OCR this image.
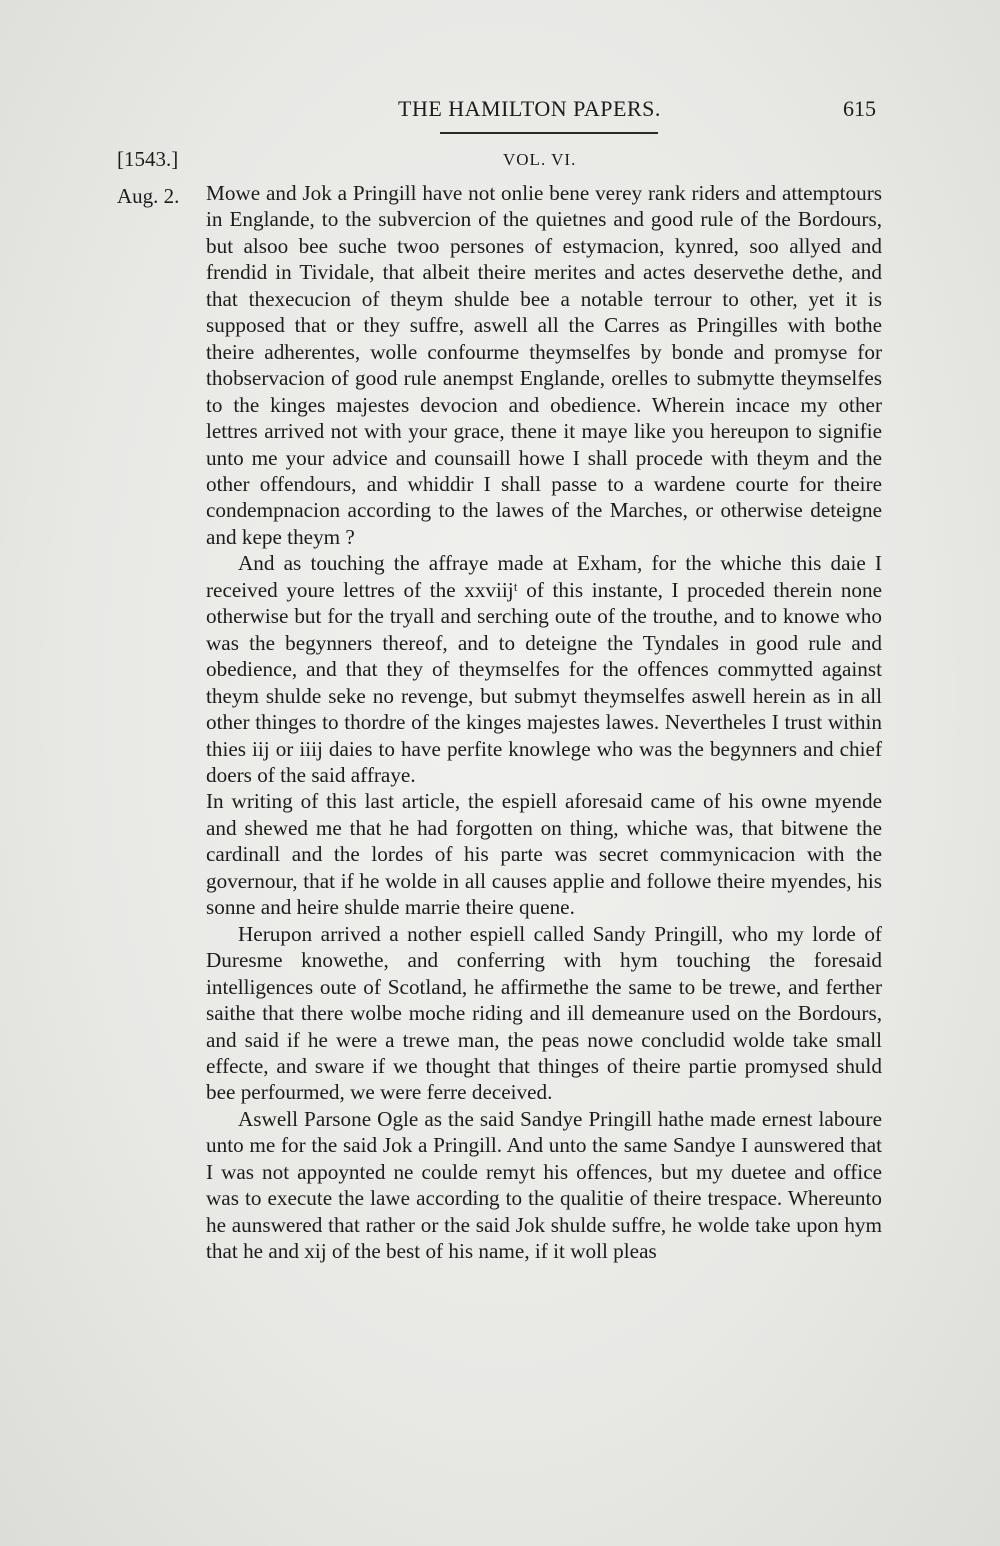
THE HAMILTON PAPERS.	615
[1543.]	VOL. VI.
Aug. 2. Mowe and Jok a Pringill have not onlie bene verey rank riders and attemptours in Englande, to the subvercion of the quietnes and good rule of the Bordours, but alsoo bee suche twoo persones of estymacion, kynred, soo allyed and frendid in Tividale, that albeit theire merites and actes deservethe dethe, and that thexecucion of theym shulde bee a notable terrour to other, yet it is supposed that or they suffre, aswell all the Carres as Pringilles with bothe theire adherentes, wolle confourme theymselfes by bonde and promyse for thobservacion of good rule anempst Englande, orelles to submytte theymselfes to the kinges majestes devocion and obedience. Wherein incace my other lettres arrived not with your grace, thene it maye like you hereupon to signifie unto me your advice and counsaill howe I shall procede with theym and the other offendours, and whiddir I shall passe to a wardene courte for theire condempnacion according to the lawes of the Marches, or otherwise deteigne and kepe theym ?

And as touching the affraye made at Exham, for the whiche this daie I received youre lettres of the xxviijᵗ of this instante, I proceded therein none otherwise but for the tryall and serching oute of the trouthe, and to knowe who was the begynners thereof, and to deteigne the Tyndales in good rule and obedience, and that they of theymselfes for the offences commytted against theym shulde seke no revenge, but submyt theymselfes aswell herein as in all other thinges to thordre of the kinges majestes lawes. Nevertheles I trust within thies iij or iiij daies to have perfite knowlege who was the begynners and chief doers of the said affraye.

In writing of this last article, the espiell aforesaid came of his owne myende and shewed me that he had forgotten on thing, whiche was, that bitwene the cardinall and the lordes of his parte was secret commynicacion with the governour, that if he wolde in all causes applie and followe theire myendes, his sonne and heire shulde marrie theire quene.

Herupon arrived a nother espiell called Sandy Pringill, who my lorde of Duresme knowethe, and conferring with hym touching the foresaid intelligences oute of Scotland, he affirmethe the same to be trewe, and ferther saithe that there wolbe moche riding and ill demeanure used on the Bordours, and said if he were a trewe man, the peas nowe concludid wolde take small effecte, and sware if we thought that thinges of theire partie promysed shuld bee perfourmed, we were ferre deceived.

Aswell Parsone Ogle as the said Sandye Pringill hathe made ernest laboure unto me for the said Jok a Pringill. And unto the same Sandye I aunswered that I was not appoynted ne coulde remyt his offences, but my duetee and office was to execute the lawe according to the qualitie of theire trespace. Whereunto he aunswered that rather or the said Jok shulde suffre, he wolde take upon hym that he and xij of the best of his name, if it woll pleas
